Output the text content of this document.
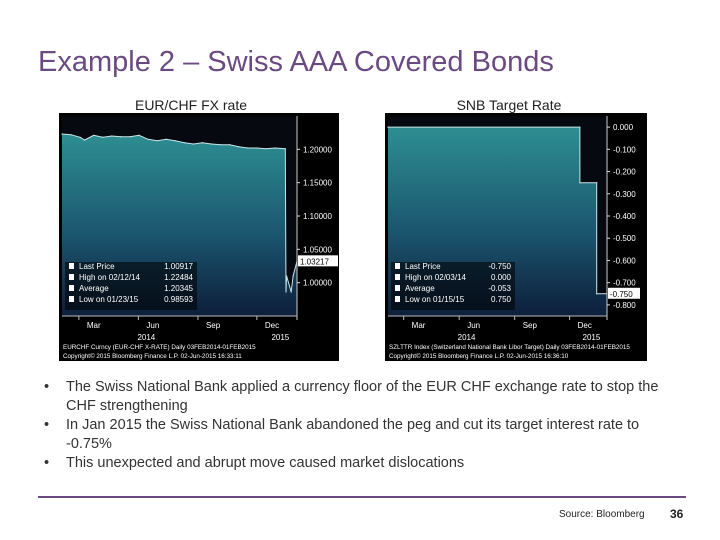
Example 2 – Swiss AAA Covered Bonds
EUR/CHF FX rate	SNB Target Rate
1.20000
1.15000
1.10000
1.05000
1.00000
1.03217
Mar	Jun	Sep	Dec
2014	2015
Last Price	1.00917
High on 02/12/14	1.22484
Average	1.20345
Low on 01/23/15	0.98593
EURCHF Curncy (EUR-CHF X-RATE) Daily 03FEB2014-01FEB2015
Copyright© 2015 Bloomberg Finance L.P. 02-Jun-2015 16:33:11
0.000
-0.100
-0.200
-0.300
-0.400
-0.500
-0.600
-0.700
-0.800
-0.750
Mar	Jun	Sep	Dec
2014	2015
Last Price	-0.750
High on 02/03/14	0.000
Average	-0.053
Low on 01/15/15	0.750
SZLTTR Index (Switzerland National Bank Libor Target) Daily 03FEB2014-01FEB2015
Copyright© 2015 Bloomberg Finance L.P. 02-Jun-2015 16:36:10

• The Swiss National Bank applied a currency floor of the EUR CHF exchange rate to stop the CHF strengthening

• In Jan 2015 the Swiss National Bank abandoned the peg and cut its target interest rate to -0.75%

• This unexpected and abrupt move caused market dislocations

Source: Bloomberg 36
